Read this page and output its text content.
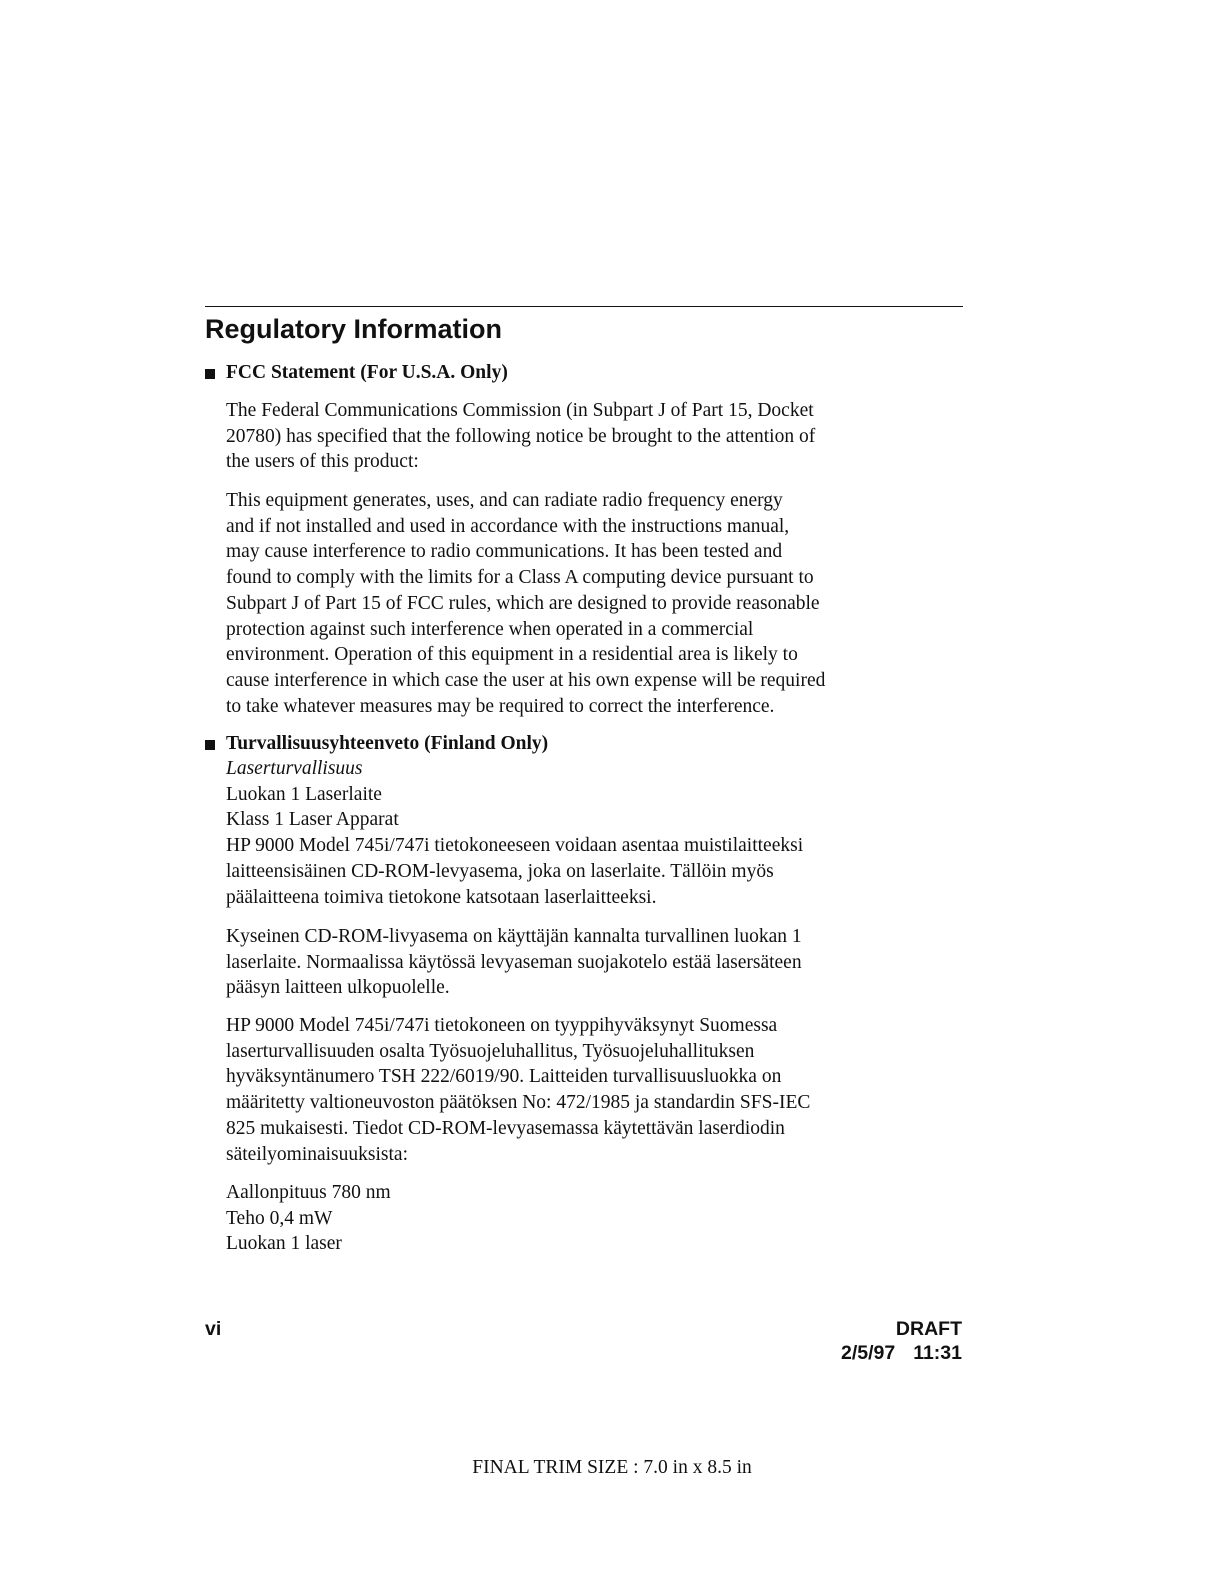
Regulatory Information
FCC Statement (For U.S.A. Only)
The Federal Communications Commission (in Subpart J of Part 15, Docket
20780) has specified that the following notice be brought to the attention of
the users of this product:
This equipment generates, uses, and can radiate radio frequency energy
and if not installed and used in accordance with the instructions manual,
may cause interference to radio communications. It has been tested and
found to comply with the limits for a Class A computing device pursuant to
Subpart J of Part 15 of FCC rules, which are designed to provide reasonable
protection against such interference when operated in a commercial
environment. Operation of this equipment in a residential area is likely to
cause interference in which case the user at his own expense will be required
to take whatever measures may be required to correct the interference.
Turvallisuusyhteenveto (Finland Only)
Laserturvallisuus
Luokan 1 Laserlaite
Klass 1 Laser Apparat
HP 9000 Model 745i/747i tietokoneeseen voidaan asentaa muistilaitteeksi
laitteensisäinen CD-ROM-levyasema, joka on laserlaite. Tällöin myös
päälaitteena toimiva tietokone katsotaan laserlaitteeksi.
Kyseinen CD-ROM-livyasema on käyttäjän kannalta turvallinen luokan 1
laserlaite. Normaalissa käytössä levyaseman suojakotelo estää lasersäteen
pääsyn laitteen ulkopuolelle.
HP 9000 Model 745i/747i tietokoneen on tyyppihyväksynyt Suomessa
laserturvallisuuden osalta Työsuojeluhallitus, Työsuojeluhallituksen
hyväksyntänumero TSH 222/6019/90. Laitteiden turvallisuusluokka on
määritetty valtioneuvoston päätöksen No: 472/1985 ja standardin SFS-IEC
825 mukaisesti. Tiedot CD-ROM-levyasemassa käytettävän laserdiodin
säteilyominaisuuksista:
Aallonpituus 780 nm
Teho 0,4 mW
Luokan 1 laser
vi	DRAFT
2/5/97 11:31
FINAL TRIM SIZE : 7.0 in x 8.5 in
